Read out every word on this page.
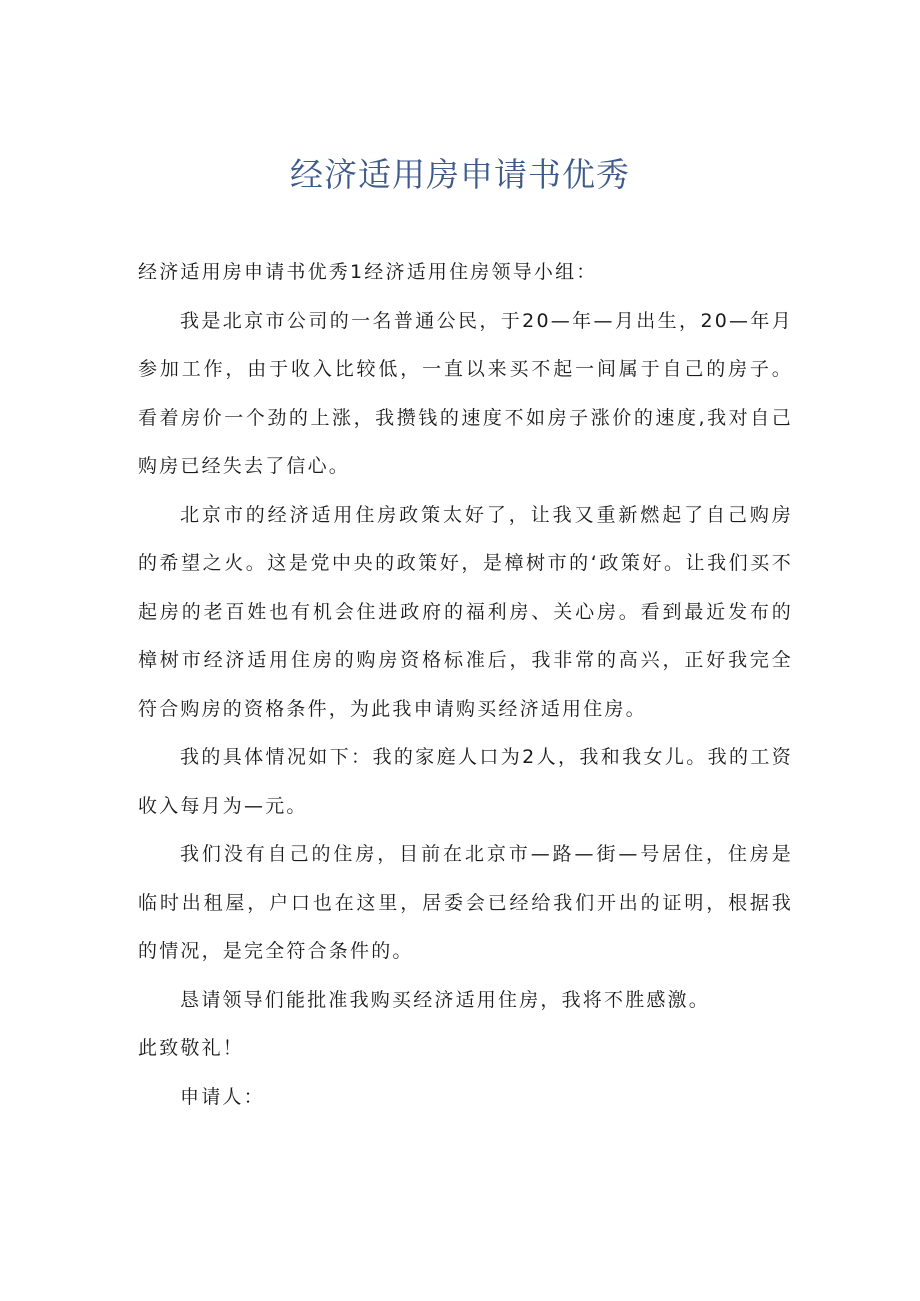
经济适用房申请书优秀

经济适用房申请书优秀1经济适用住房领导小组：

我是北京市公司的一名普通公民，于20—年—月出生，20—年月参加工作，由于收入比较低，一直以来买不起一间属于自己的房子。看着房价一个劲的上涨，我攒钱的速度不如房子涨价的速度,我对自己购房已经失去了信心。

北京市的经济适用住房政策太好了，让我又重新燃起了自己购房的希望之火。这是党中央的政策好，是樟树市的‘政策好。让我们买不起房的老百姓也有机会住进政府的福利房、关心房。看到最近发布的樟树市经济适用住房的购房资格标准后，我非常的高兴，正好我完全符合购房的资格条件，为此我申请购买经济适用住房。

我的具体情况如下：我的家庭人口为2人，我和我女儿。我的工资收入每月为—元。

我们没有自己的住房，目前在北京市—路—街—号居住，住房是临时出租屋，户口也在这里，居委会已经给我们开出的证明，根据我的情况，是完全符合条件的。

恳请领导们能批准我购买经济适用住房，我将不胜感激。

此致敬礼！

申请人：
